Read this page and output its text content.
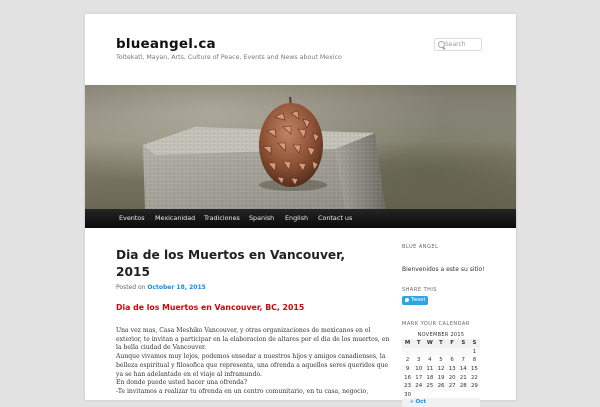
blueangel.ca
Toltekatl, Mayan, Arts, Culture of Peace, Events and News about Mexico
Search
Eventos Mexicanidad Tradiciones Spanish English Contact us
Dia de los Muertos en Vancouver,
2015
Posted on October 18, 2015
Dia de los Muertos en Vancouver, BC, 2015

Una vez mas, Casa Meshiko Vancouver, y otras organizaciones de mexicanos en el

exterior, te invitan a participar en la elaboracion de altares por el dia de los muertos, en

la bella ciudad de Vancouver.

Aunque vivamos muy lejos, podemos ensedar a nuestros hijos y amigos canadienses, la

belleza espiritual y filosofica que representa, una ofrenda a aquellos seres queridos que

ya se han adelantado en el viaje al inframundo.

En donde puede usted hacer una ofrenda?

-Te invitamos a realizar tu ofrenda en un centro comunitario, en tu casa, negocio,

BLUE ANGEL
Bienvenidos a este su sitio!
SHARE THIS
Tweet
MARK YOUR CALENDAR
NOVEMBER 2015
M	T	W	T	F	S	S
						1
2	3	4	5	6	7	8
9	10	11	12	13	14	15
16	17	18	19	20	21	22
23	24	25	26	27	28	29
30						
« Oct
